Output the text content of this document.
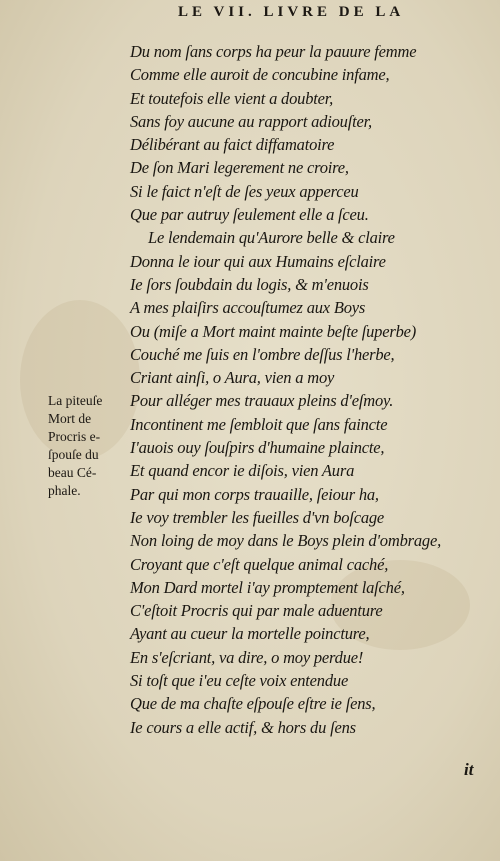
LE VII. LIVRE DE LA
Du nom ſans corps ha peur la pauure femme
Comme elle auroit de concubine infame,
Et toutefois elle vient a doubter,
Sans foy aucune au rapport adiouſter,
Délibérant au faict diffamatoire
De ſon Mari legerement ne croire,
Si le faict n'eſt de ſes yeux apperceu
Que par autruy ſeulement elle a ſceu.
Le lendemain qu'Aurore belle & claire
Donna le iour qui aux Humains eſclaire
Ie ſors ſoubdain du logis, & m'enuois
A mes plaiſirs accouſtumez aux Boys
Ou (miſe a Mort maint mainte beſte ſuperbe)
Couché me ſuis en l'ombre deſſus l'herbe,
Criant ainſi, o Aura, vien a moy
Pour alléger mes trauaux pleins d'eſmoy.
Incontinent me ſembloit que ſans faincte
I'auois ouy ſouſpirs d'humaine plaincte,
Et quand encor ie diſois, vien Aura
Par qui mon corps trauaille, ſeiour ha,
Ie voy trembler les fueilles d'vn boſcage
Non loing de moy dans le Boys plein d'ombrage,
Croyant que c'eſt quelque animal caché,
Mon Dard mortel i'ay promptement laſché,
C'eſtoit Procris qui par male aduenture
Ayant au cueur la mortelle poincture,
En s'eſcriant, va dire, o moy perdue!
Si toſt que i'eu ceſte voix entendue
Que de ma chaſte eſpouſe eſtre ie ſens,
Ie cours a elle actif, & hors du ſens
La piteuſe
Mort de
Procris e-
ſpouſe du
beau Cé-
phale.
it
